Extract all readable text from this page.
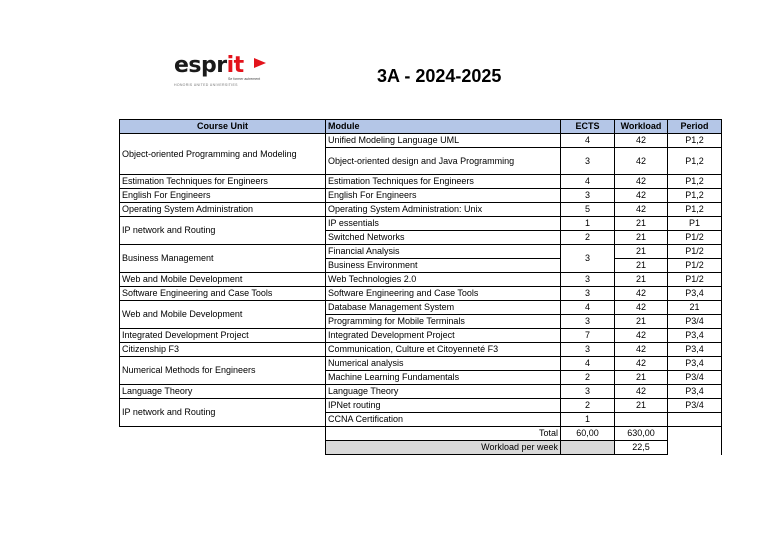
esprit
Se former autrement
HONORIS UNITED UNIVERSITIES	3A - 2024-2025
Course Unit	Module	ECTS	Workload	Period
Object-oriented Programming and Modeling	Unified Modeling Language UML	4	42	P1,2
	Object-oriented design and Java Programming	3	42	P1,2
Estimation Techniques for Engineers	Estimation Techniques for Engineers	4	42	P1,2
English For Engineers	English For Engineers	3	42	P1,2
Operating System Administration	Operating System Administration: Unix	5	42	P1,2
IP network and Routing	IP essentials	1	21	P1
	Switched Networks	2	21	P1/2
Business Management	Financial Analysis	3	21	P1/2
	Business Environment		21	P1/2
Web and Mobile Development	Web Technologies 2.0	3	21	P1/2
Software Engineering and Case Tools	Software Engineering and Case Tools	3	42	P3,4
Web and Mobile Development	Database Management System	4	42	21
	Programming for Mobile Terminals	3	21	P3/4
Integrated Development Project	Integrated Development Project	7	42	P3,4
Citizenship F3	Communication, Culture et Citoyenneté F3	3	42	P3,4
Numerical Methods for Engineers	Numerical analysis	4	42	P3,4
	Machine Learning Fundamentals	2	21	P3/4
Language Theory	Language Theory	3	42	P3,4
IP network and Routing	IPNet routing	2	21	P3/4
	CCNA Certification	1		
	Total	60,00	630,00	
	Workload per week		22,5	
